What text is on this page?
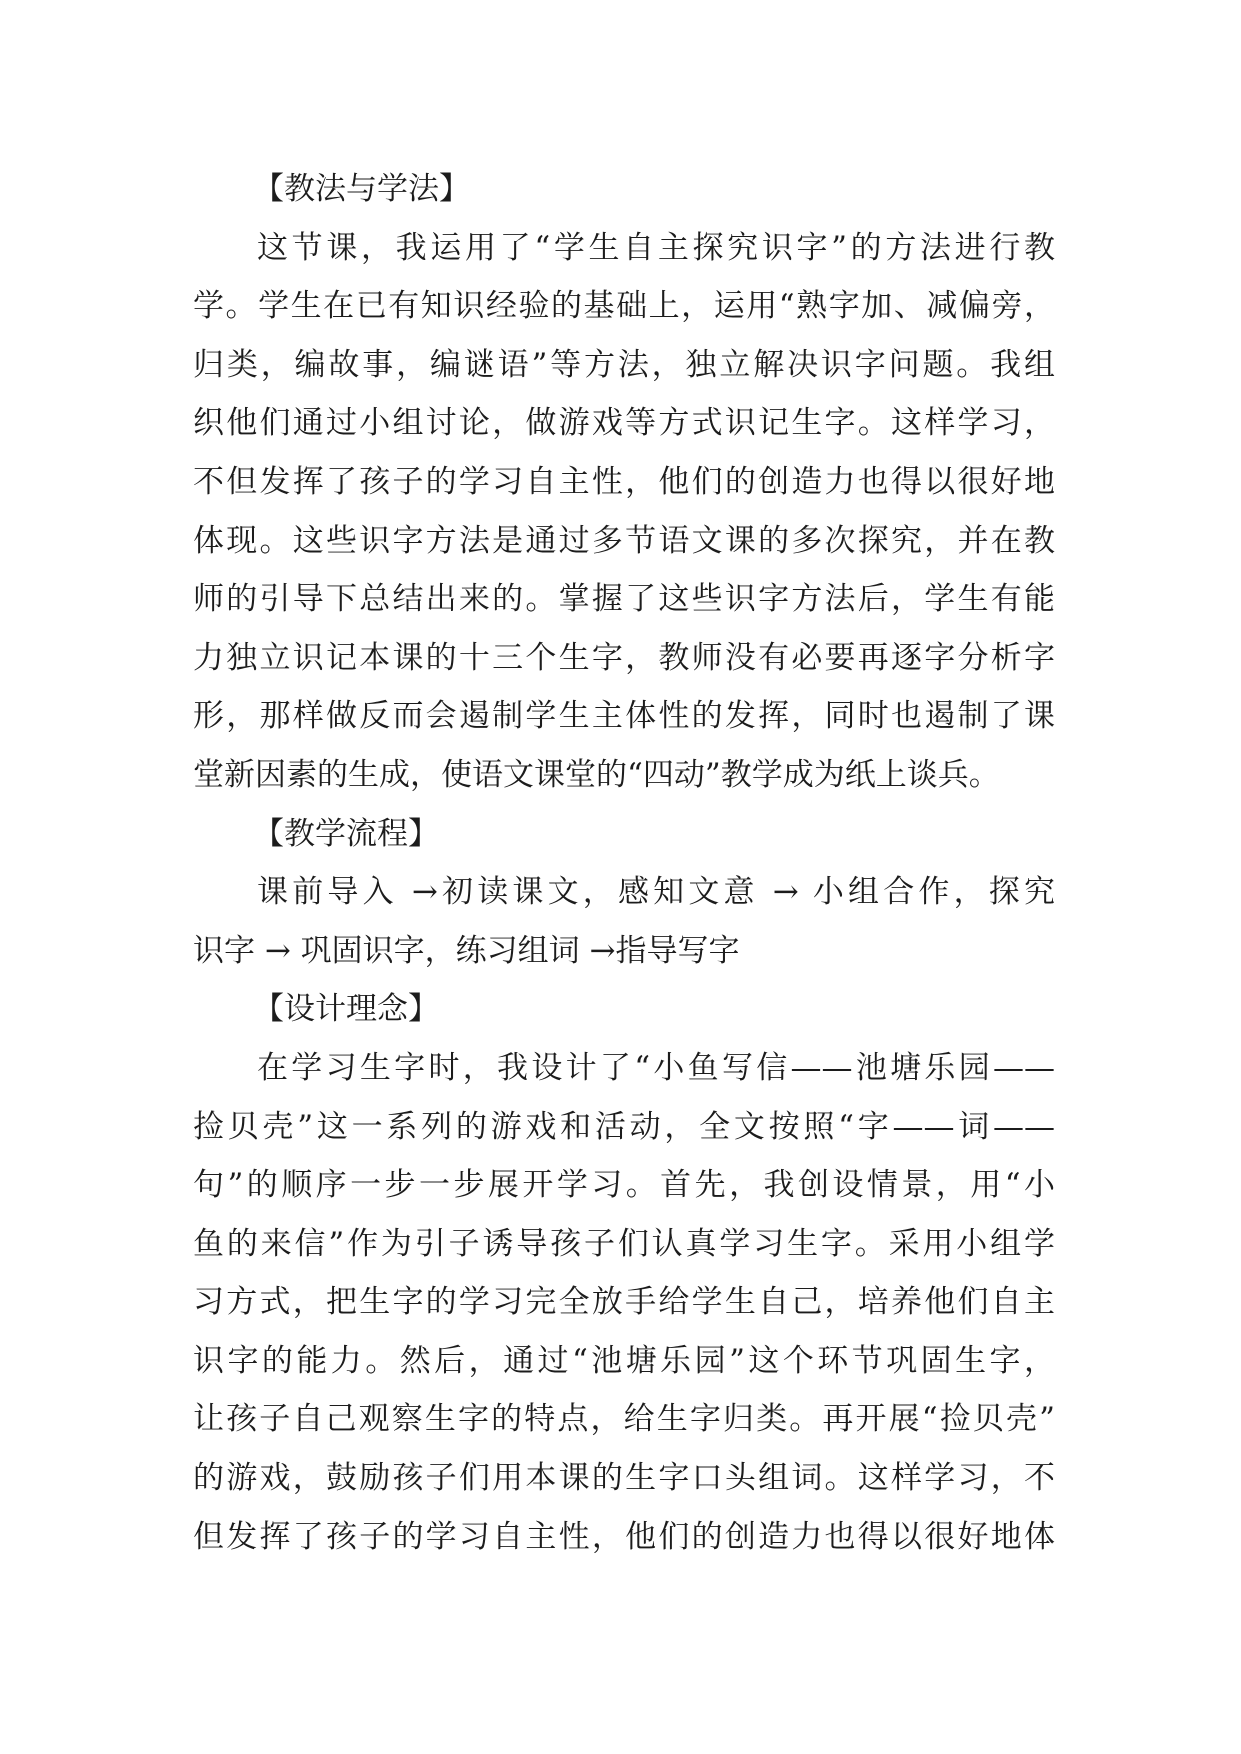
【教法与学法】
这节课，我运用了“学生自主探究识字”的方法进行教
学。学生在已有知识经验的基础上，运用“熟字加、减偏旁，
归类，编故事，编谜语”等方法，独立解决识字问题。我组
织他们通过小组讨论，做游戏等方式识记生字。这样学习，
不但发挥了孩子的学习自主性，他们的创造力也得以很好地
体现。这些识字方法是通过多节语文课的多次探究，并在教
师的引导下总结出来的。掌握了这些识字方法后，学生有能
力独立识记本课的十三个生字，教师没有必要再逐字分析字
形，那样做反而会遏制学生主体性的发挥，同时也遏制了课
堂新因素的生成，使语文课堂的“四动”教学成为纸上谈兵。
【教学流程】
课前导入 →初读课文，感知文意 → 小组合作，探究
识字 → 巩固识字，练习组词 →指导写字
【设计理念】
在学习生字时，我设计了“小鱼写信——池塘乐园——
捡贝壳”这一系列的游戏和活动，全文按照“字——词——
句”的顺序一步一步展开学习。首先，我创设情景，用“小
鱼的来信”作为引子诱导孩子们认真学习生字。采用小组学
习方式，把生字的学习完全放手给学生自己，培养他们自主
识字的能力。然后，通过“池塘乐园”这个环节巩固生字，
让孩子自己观察生字的特点，给生字归类。再开展“捡贝壳”
的游戏，鼓励孩子们用本课的生字口头组词。这样学习，不
但发挥了孩子的学习自主性，他们的创造力也得以很好地体
